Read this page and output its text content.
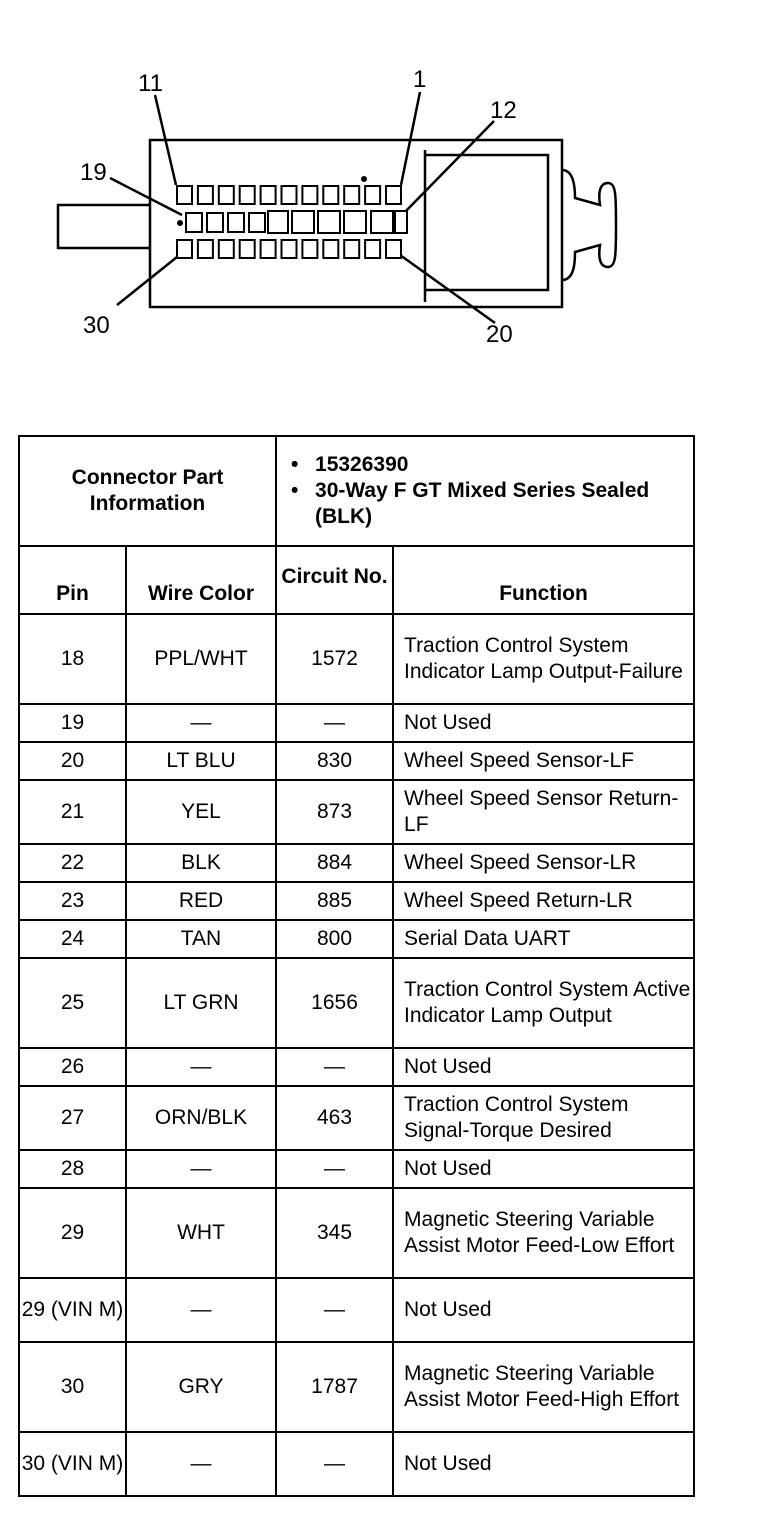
11	1
12
19
30	20
Connector Part Information		• 15326390
• 30-Way F GT Mixed Series Sealed (BLK)	

Pin	Wire Color	Circuit No.	Function
18	PPL/WHT	1572	Traction Control System Indicator Lamp Output-Failure
19	—	—	Not Used
20	LT BLU	830	Wheel Speed Sensor-LF
21	YEL	873	Wheel Speed Sensor Return-LF
22	BLK	884	Wheel Speed Sensor-LR
23	RED	885	Wheel Speed Return-LR
24	TAN	800	Serial Data UART
25	LT GRN	1656	Traction Control System Active Indicator Lamp Output
26	—	—	Not Used
27	ORN/BLK	463	Traction Control System Signal-Torque Desired
28	—	—	Not Used
29	WHT	345	Magnetic Steering Variable Assist Motor Feed-Low Effort
29 (VIN M)	—	—	Not Used
30	GRY	1787	Magnetic Steering Variable Assist Motor Feed-High Effort
30 (VIN M)	—	—	Not Used
